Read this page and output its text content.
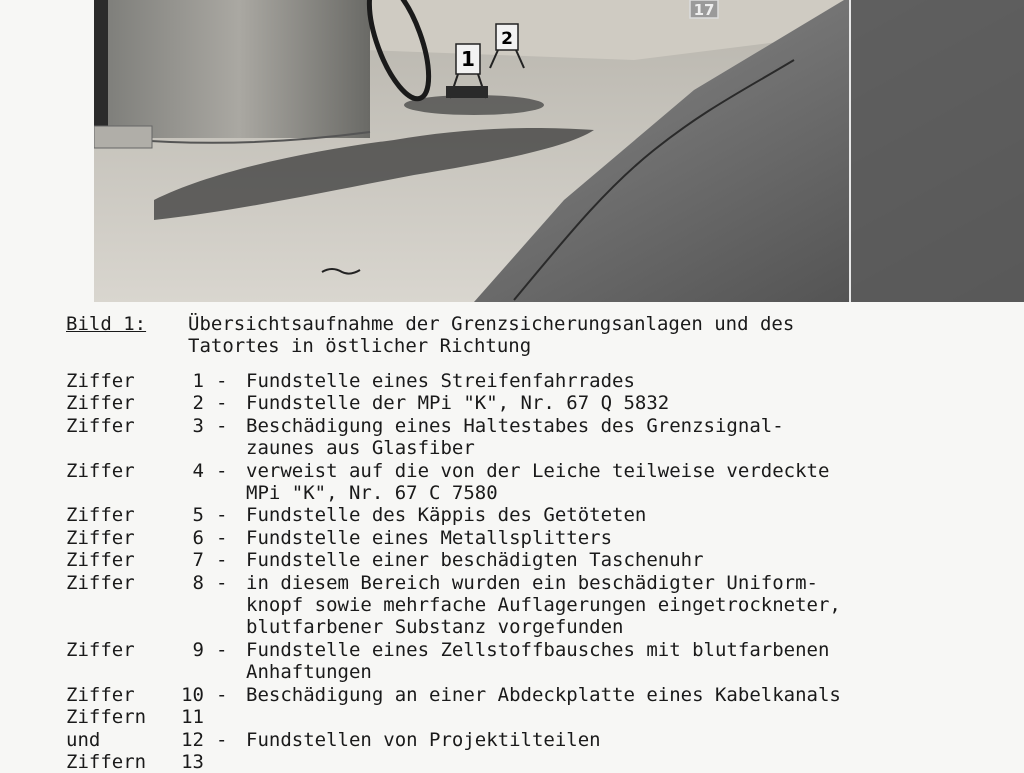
1
2
17
Bild 1: Übersichtsaufnahme der Grenzsicherungsanlagen und des
Tatortes in östlicher Richtung
Ziffer	1 - Fundstelle eines Streifenfahrrades
Ziffer	2 - Fundstelle der MPi "K", Nr. 67 Q 5832
Ziffer	3 - Beschädigung eines Haltestabes des Grenzsignal-
zaunes aus Glasfiber
Ziffer	4 - verweist auf die von der Leiche teilweise verdeckte
MPi "K", Nr. 67 C 7580
Ziffer	5 - Fundstelle des Käppis des Getöteten
Ziffer	6 - Fundstelle eines Metallsplitters
Ziffer	7 - Fundstelle einer beschädigten Taschenuhr
Ziffer	8 - in diesem Bereich wurden ein beschädigter Uniform-
knopf sowie mehrfache Auflagerungen eingetrockneter,
blutfarbener Substanz vorgefunden
Ziffer	9 - Fundstelle eines Zellstoffbausches mit blutfarbenen
Anhaftungen
Ziffer	10 - Beschädigung an einer Abdeckplatte eines Kabelkanals
Ziffern	11

und	12 - Fundstellen von Projektilteilen
Ziffern	13
